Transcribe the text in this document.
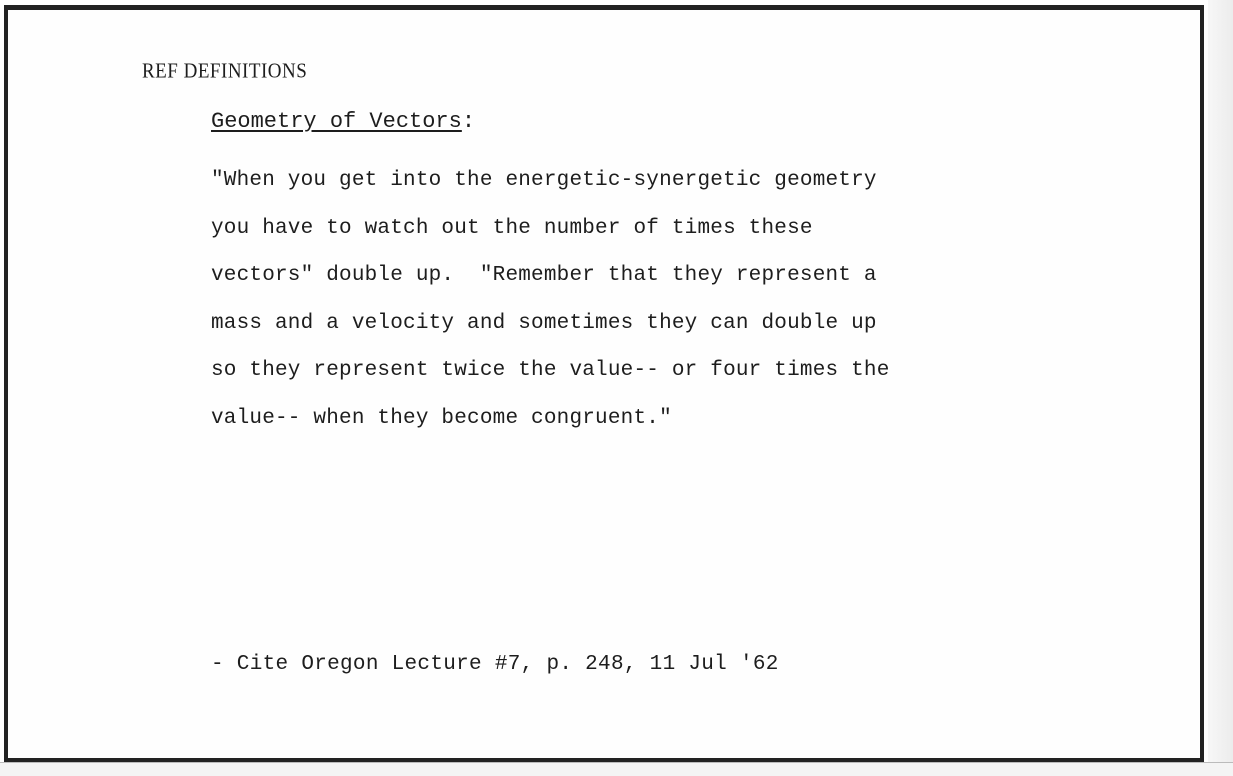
REF DEFINITIONS
Geometry of Vectors:
"When you get into the energetic-synergetic geometry
you have to watch out the number of times these
vectors" double up.  "Remember that they represent a
mass and a velocity and sometimes they can double up
so they represent twice the value-- or four times the
value-- when they become congruent."
- Cite Oregon Lecture #7, p. 248, 11 Jul '62
